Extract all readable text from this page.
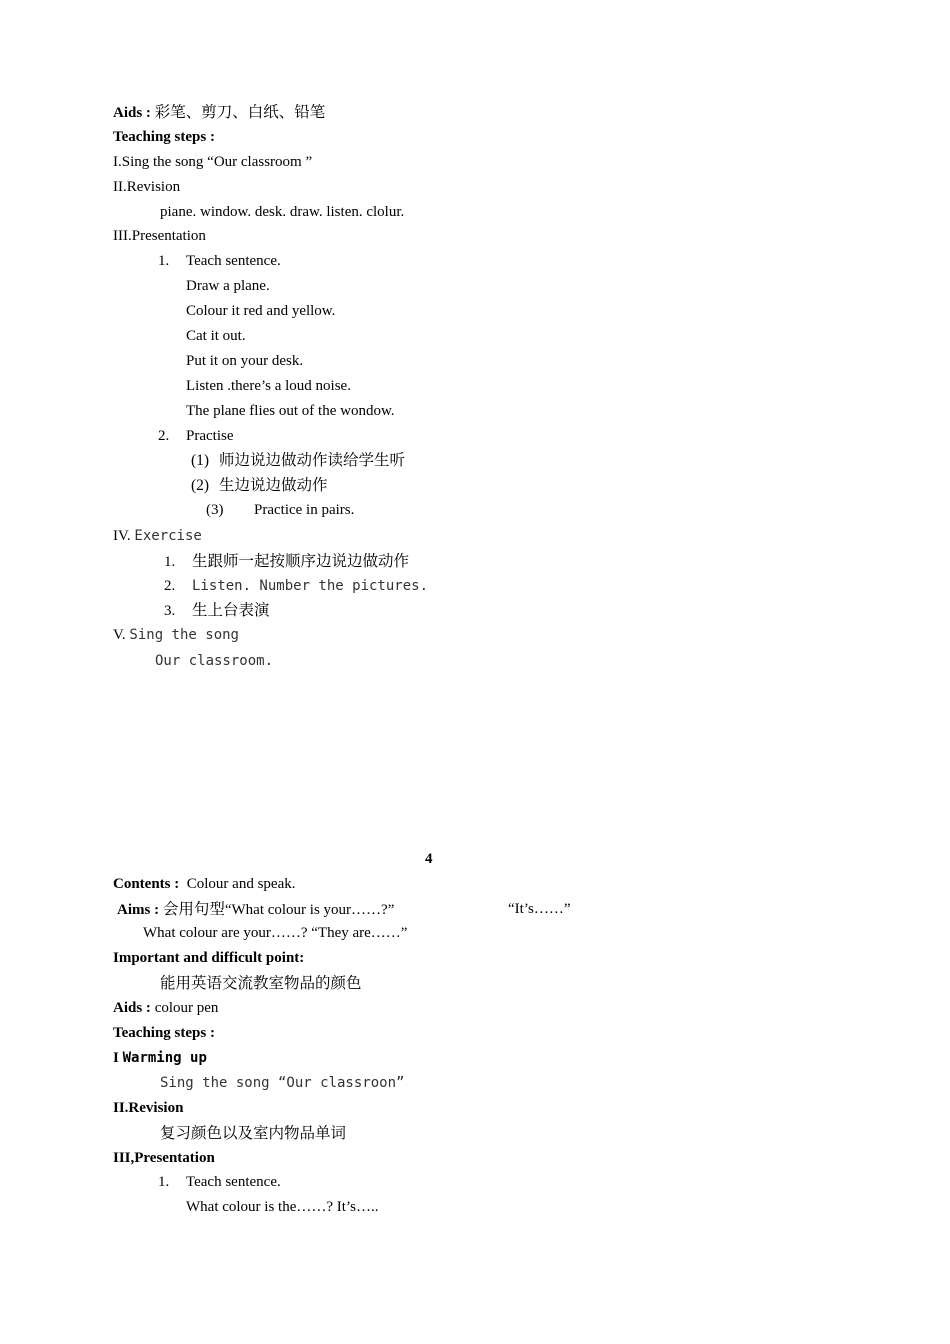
Aids : 彩笔、剪刀、白纸、铅笔
Teaching steps :
I.Sing the song “Our classroom ”
II.Revision
piane. window. desk. draw. listen. clolur.
III.Presentation
1. Teach sentence.
Draw a plane.
Colour it red and yellow.
Cat it out.
Put it on your desk.
Listen .there’s a loud noise.
The plane flies out of the wondow.
2. Practise
(1) 师边说边做动作读给学生听
(2) 生边说边做动作
(3) Practice in pairs.
IV. Exercise
1. 生跟师一起按顺序边说边做动作
2. Listen. Number the pictures.
3. 生上台表演
V. Sing the song
Our classroom.
4
Contents : Colour and speak.
Aims : 会用句型“What colour is your……?”	“It’s……”
What colour are your……? “They are……”
Important and difficult point:
能用英语交流教室物品的颜色
Aids : colour pen
Teaching steps :
I Warming up
Sing the song “Our classroon”
II.Revision
复习颜色以及室内物品单词
III,Presentation
1. Teach sentence.
What colour is the……? It’s…..
